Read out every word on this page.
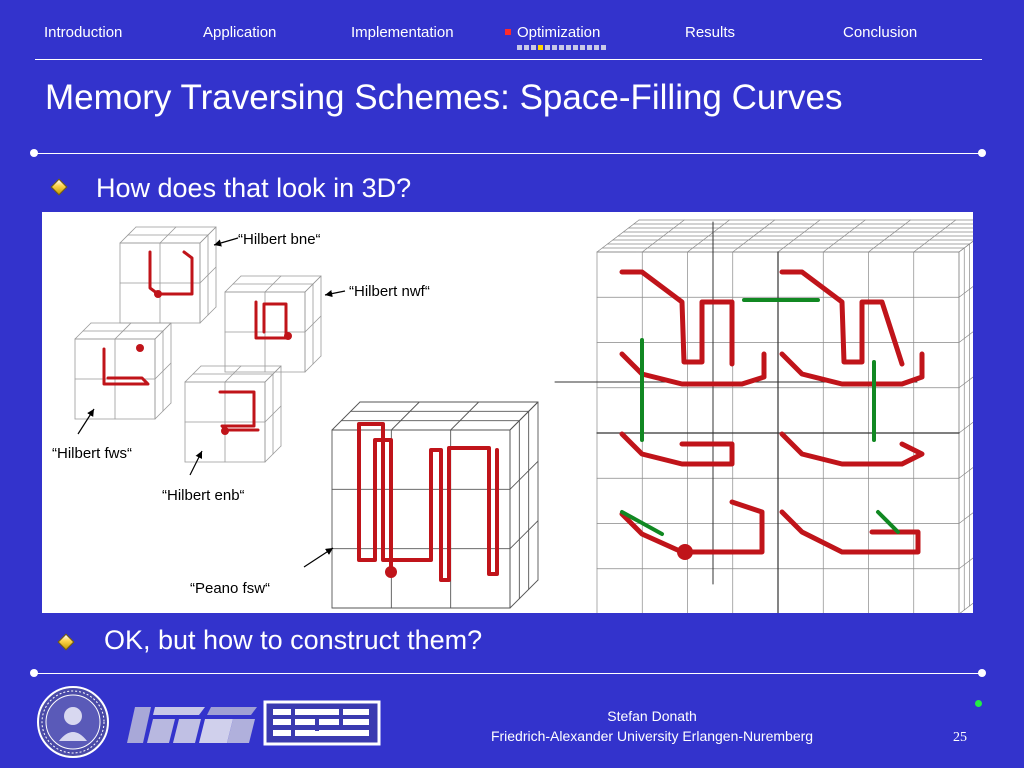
Introduction	Application	Implementation	Optimization	Results	Conclusion
Memory Traversing Schemes: Space-Filling Curves
How does that look in 3D?
“Hilbert bne“
“Hilbert nwf“
“Hilbert fws“
“Hilbert enb“
“Peano fsw“
OK, but how to construct them?
Stefan Donath
Friedrich-Alexander University Erlangen-Nuremberg	25
